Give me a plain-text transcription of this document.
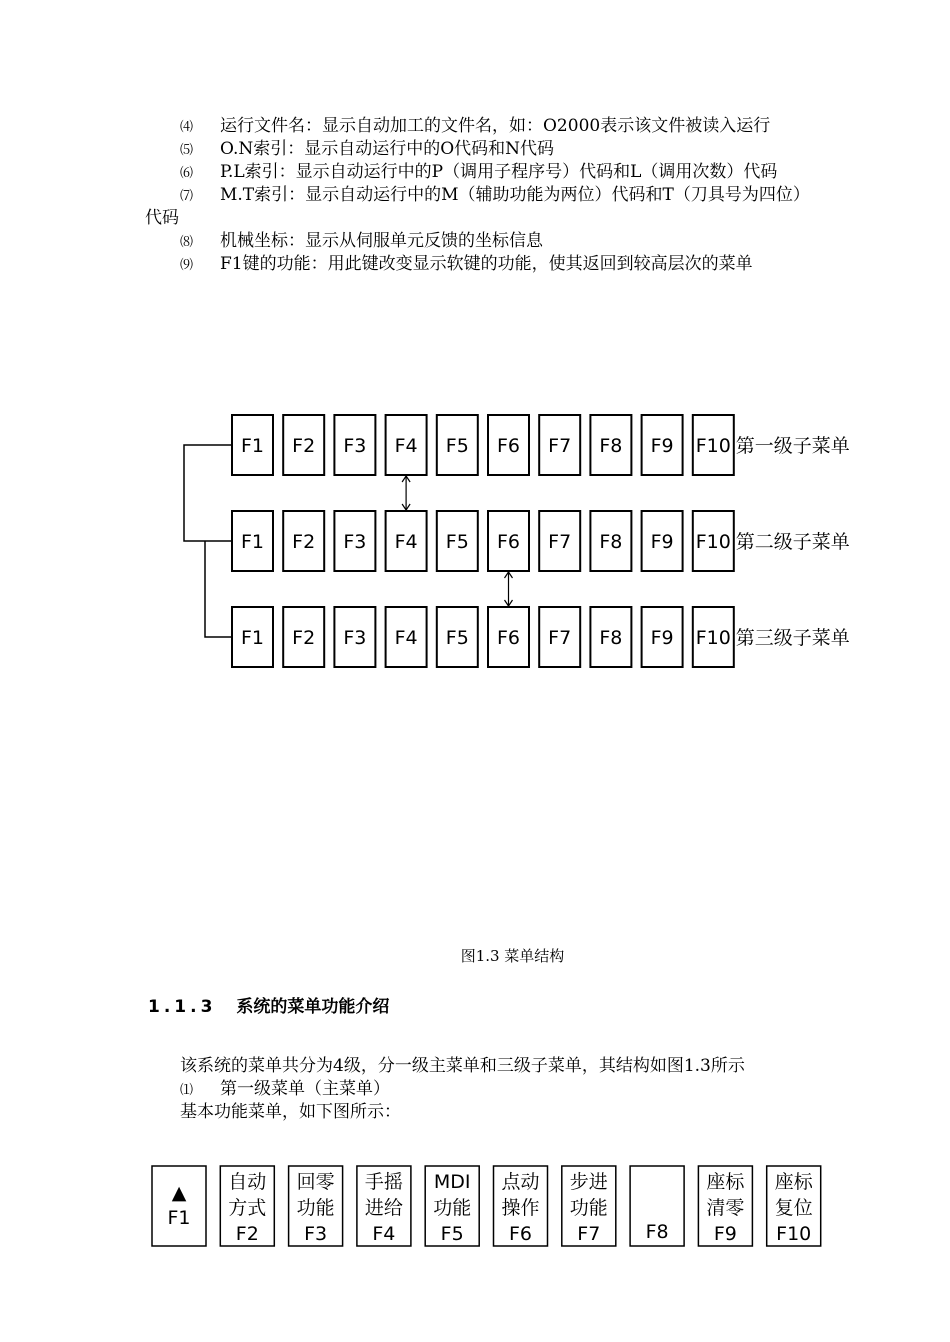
⑷ 运行文件名：显示自动加工的文件名，如：O2000表示该文件被读入运行
⑸ O.N索引：显示自动运行中的O代码和N代码
⑹ P.L索引：显示自动运行中的P（调用子程序号）代码和L（调用次数）代码
⑺ M.T索引：显示自动运行中的M（辅助功能为两位）代码和T（刀具号为四位）
代码
⑻ 机械坐标：显示从伺服单元反馈的坐标信息
⑼ F1键的功能：用此键改变显示软键的功能，使其返回到较高层次的菜单
F1 F2 F3 F4 F5 F6 F7 F8 F9 F10 第一级子菜单
F1 F2 F3 F4 F5 F6 F7 F8 F9 F10 第二级子菜单
F1 F2 F3 F4 F5 F6 F7 F8 F9 F10 第三级子菜单
▲
F1
自动
方式
F2
回零
功能
F3
手摇
进给
F4
MDI
功能
F5
点动
操作
F6
步进
功能
F7 F8
座标
清零
F9
座标
复位
F10
图1.3 菜单结构
1.1.3 系统的菜单功能介绍
该系统的菜单共分为4级，分一级主菜单和三级子菜单，其结构如图1.3所示
⑴ 第一级菜单（主菜单）
基本功能菜单，如下图所示：
